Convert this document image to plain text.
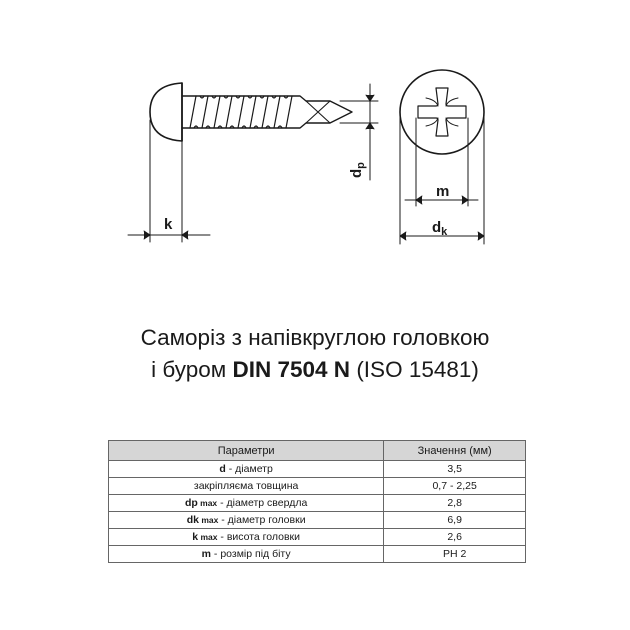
k
$d_p$
m
$d_k$
Саморіз з напівкруглою головкою
і буром DIN 7504 N (ISO 15481)
Параметри	Значення (мм)
d - діаметр	3,5
закріпляєма товщина	0,7 - 2,25
dp max - діаметр свердла	2,8
dk max - діаметр головки	6,9
k max - висота головки	2,6
m - розмір під біту	PH 2
